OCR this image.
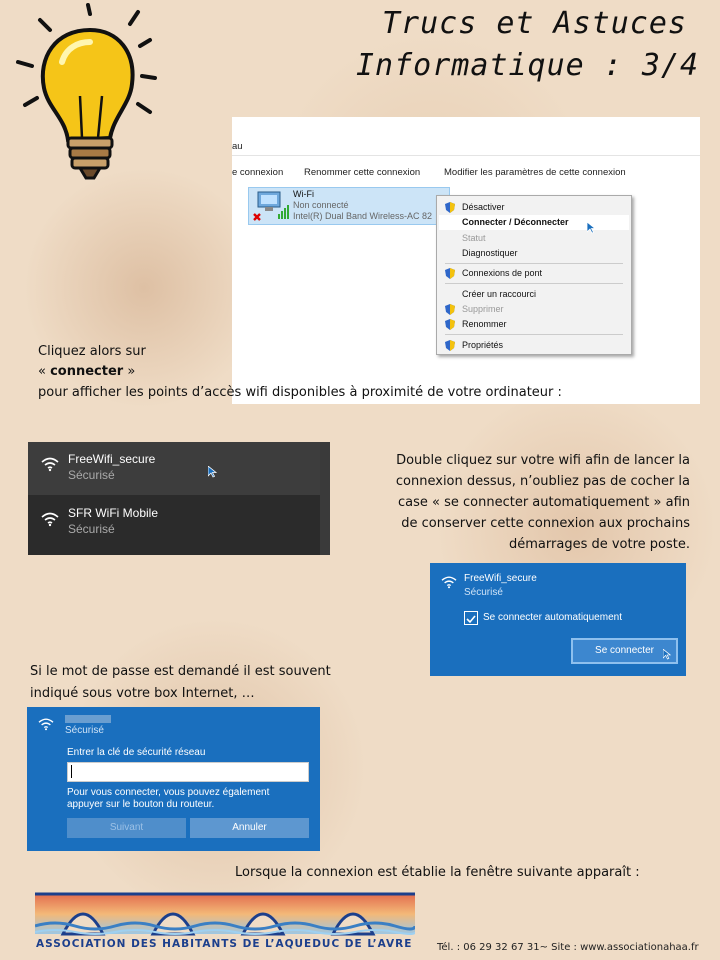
Trucs et Astuces
Informatique : 3/4
au
e connexion Renommer cette connexion	Modifier les paramètres de cette connexion
Wi-Fi
Non connecté
Intel(R) Dual Band Wireless-AC 82
Désactiver
Connecter / Déconnecter
Statut
Diagnostiquer
Connexions de pont
Créer un raccourci
Supprimer
Renommer
Propriétés
Cliquez alors sur
« connecter »
pour afficher les points d’accès wifi disponibles à proximité de votre ordinateur :
FreeWifi_secure
Sécurisé
SFR WiFi Mobile
Sécurisé
Double cliquez sur votre wifi afin de lancer la
connexion dessus, n’oubliez pas de cocher la
case « se connecter automatiquement » afin
de conserver cette connexion aux prochains
démarrages de votre poste.
FreeWifi_secure
Sécurisé
Se connecter automatiquement
Se connecter
Si le mot de passe est demandé il est souvent
indiqué sous votre box Internet, …
Sécurisé
Entrer la clé de sécurité réseau
Pour vous connecter, vous pouvez également
appuyer sur le bouton du routeur.
Suivant	Annuler
Lorsque la connexion est établie la fenêtre suivante apparaît :
ASSOCIATION DES HABITANTS DE L’AQUEDUC DE L’AVRE Tél. : 06 29 32 67 31~ Site : www.associationahaa.fr
